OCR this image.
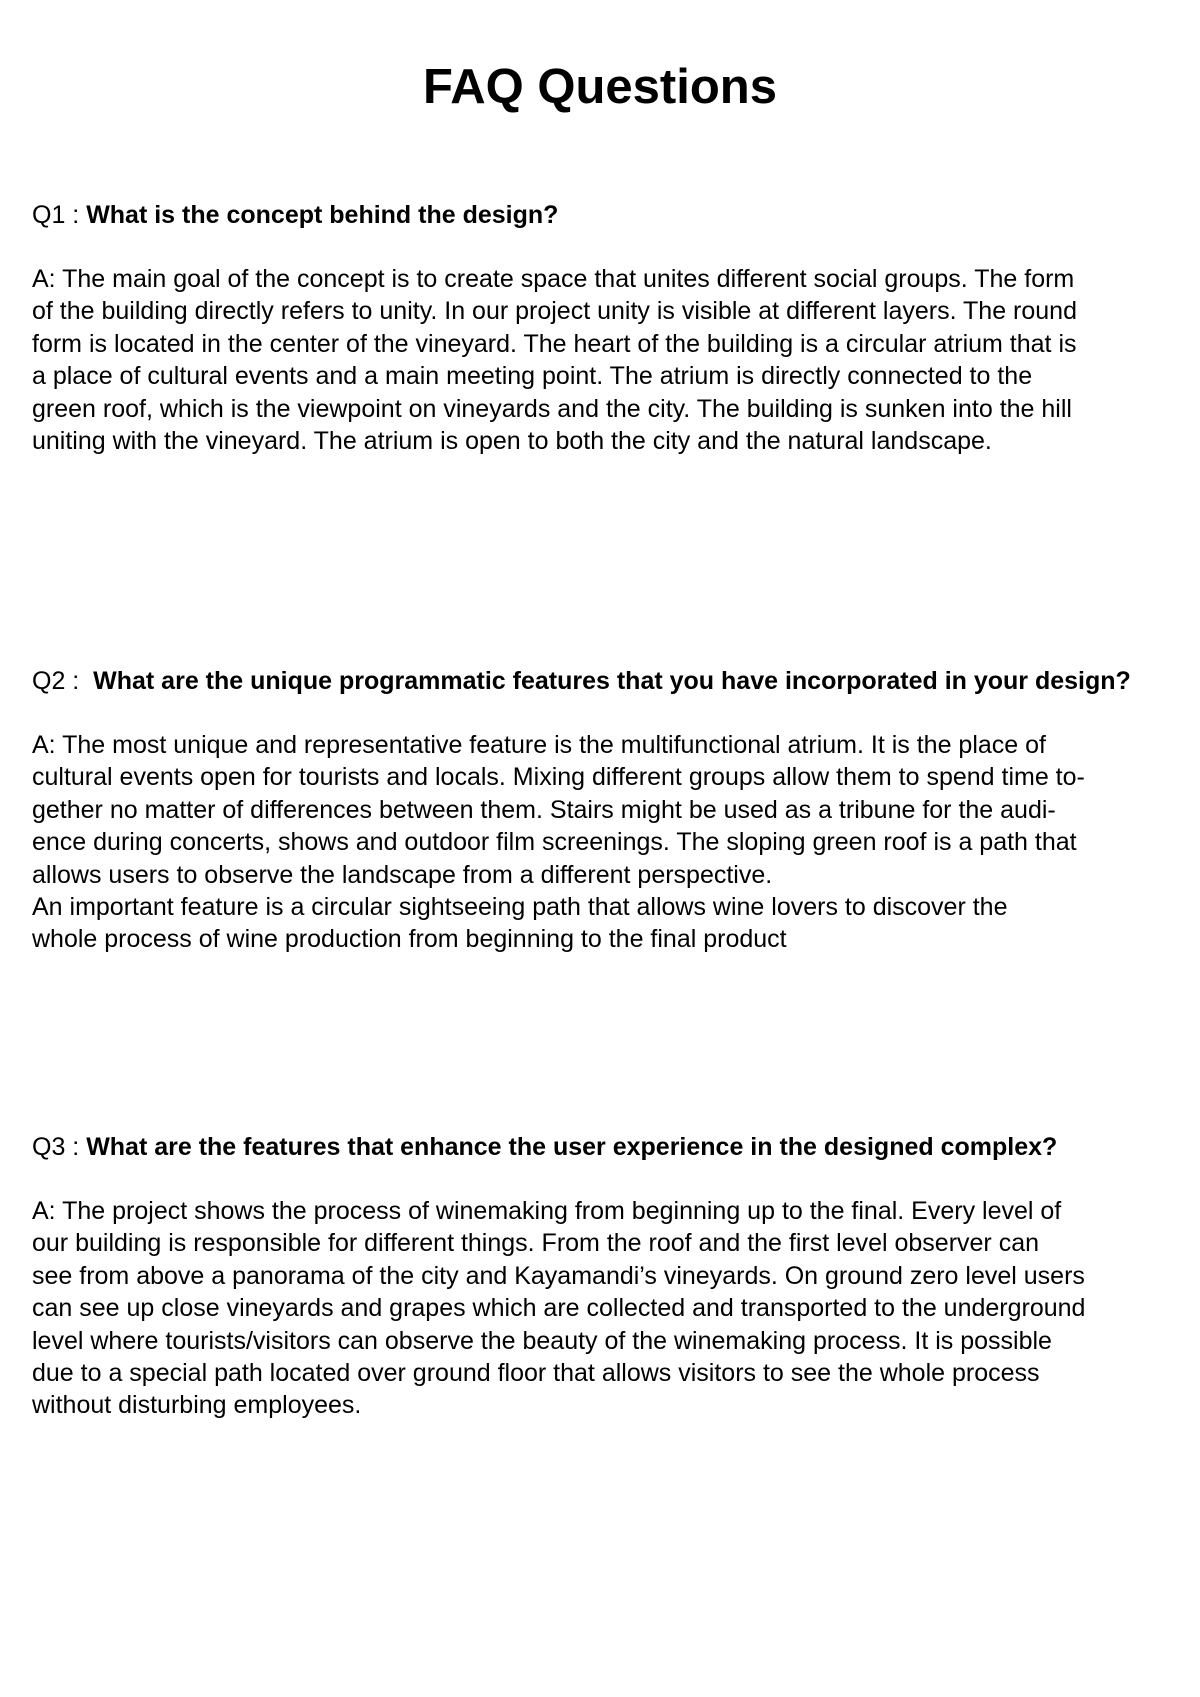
FAQ Questions

Q1 : What is the concept behind the design?

A: The main goal of the concept is to create space that unites different social groups. The form
of the building directly refers to unity. In our project unity is visible at different layers. The round
form is located in the center of the vineyard. The heart of the building is a circular atrium that is
a place of cultural events and a main meeting point. The atrium is directly connected to the
green roof, which is the viewpoint on vineyards and the city. The building is sunken into the hill
uniting with the vineyard. The atrium is open to both the city and the natural landscape.

Q2 :  What are the unique programmatic features that you have incorporated in your design?

A: The most unique and representative feature is the multifunctional atrium. It is the place of
cultural events open for tourists and locals. Mixing different groups allow them to spend time to-
gether no matter of differences between them. Stairs might be used as a tribune for the audi-
ence during concerts, shows and outdoor film screenings. The sloping green roof is a path that
allows users to observe the landscape from a different perspective.
An important feature is a circular sightseeing path that allows wine lovers to discover the
whole process of wine production from beginning to the final product

Q3 : What are the features that enhance the user experience in the designed complex?

A: The project shows the process of winemaking from beginning up to the final. Every level of
our building is responsible for different things. From the roof and the first level observer can
see from above a panorama of the city and Kayamandi’s vineyards. On ground zero level users
can see up close vineyards and grapes which are collected and transported to the underground
level where tourists/visitors can observe the beauty of the winemaking process. It is possible
due to a special path located over ground floor that allows visitors to see the whole process
without disturbing employees.
